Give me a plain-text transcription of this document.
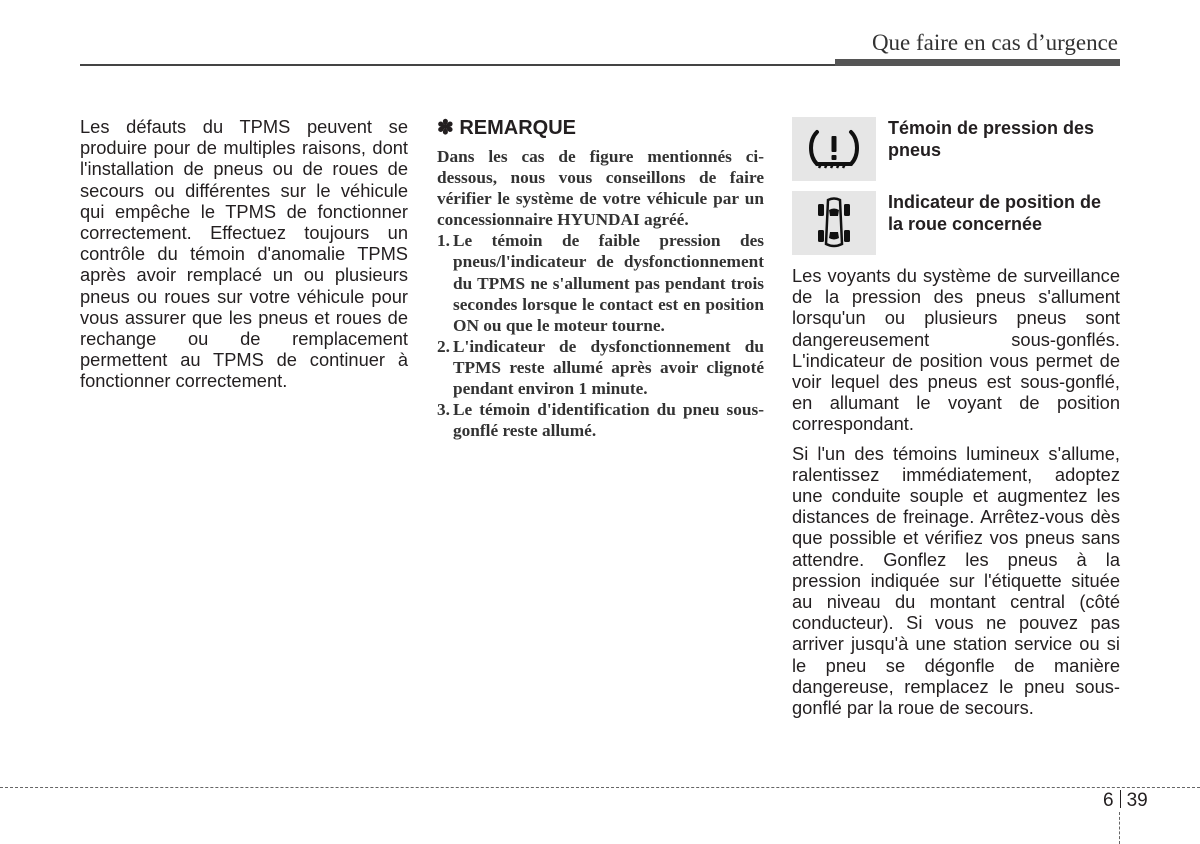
Que faire en cas d’urgence

Les défauts du TPMS peuvent se produire pour de multiples raisons, dont l'installation de pneus ou de roues de secours ou différentes sur le véhicule qui empêche le TPMS de fonctionner correctement. Effectuez toujours un contrôle du témoin d'anomalie TPMS après avoir remplacé un ou plusieurs pneus ou roues sur votre véhicule pour vous assurer que les pneus et roues de rechange ou de remplacement permettent au TPMS de continuer à fonctionner correctement.

✽ REMARQUE

Dans les cas de figure mentionnés ci-dessous, nous vous conseillons de faire vérifier le système de votre véhicule par un concessionnaire HYUNDAI agréé.

1. Le témoin de faible pression des pneus/l'indicateur de dysfonctionnement du TPMS ne s'allument pas pendant trois secondes lorsque le contact est en position ON ou que le moteur tourne.
2. L'indicateur de dysfonctionnement du TPMS reste allumé après avoir clignoté pendant environ 1 minute.
3. Le témoin d'identification du pneu sous-gonflé reste allumé.
Témoin de pression des pneus
Indicateur de position de la roue concernée

Les voyants du système de surveillance de la pression des pneus s'allument lorsqu'un ou plusieurs pneus sont dangereusement sous-gonflés. L'indicateur de position vous permet de voir lequel des pneus est sous-gonflé, en allumant le voyant de position correspondant.

Si l'un des témoins lumineux s'allume, ralentissez immédiatement, adoptez une conduite souple et augmentez les distances de freinage. Arrêtez-vous dès que possible et vérifiez vos pneus sans attendre. Gonflez les pneus à la pression indiquée sur l'étiquette située au niveau du montant central (côté conducteur). Si vous ne pouvez pas arriver jusqu'à une station service ou si le pneu se dégonfle de manière dangereuse, remplacez le pneu sous-gonflé par la roue de secours.

6 39
